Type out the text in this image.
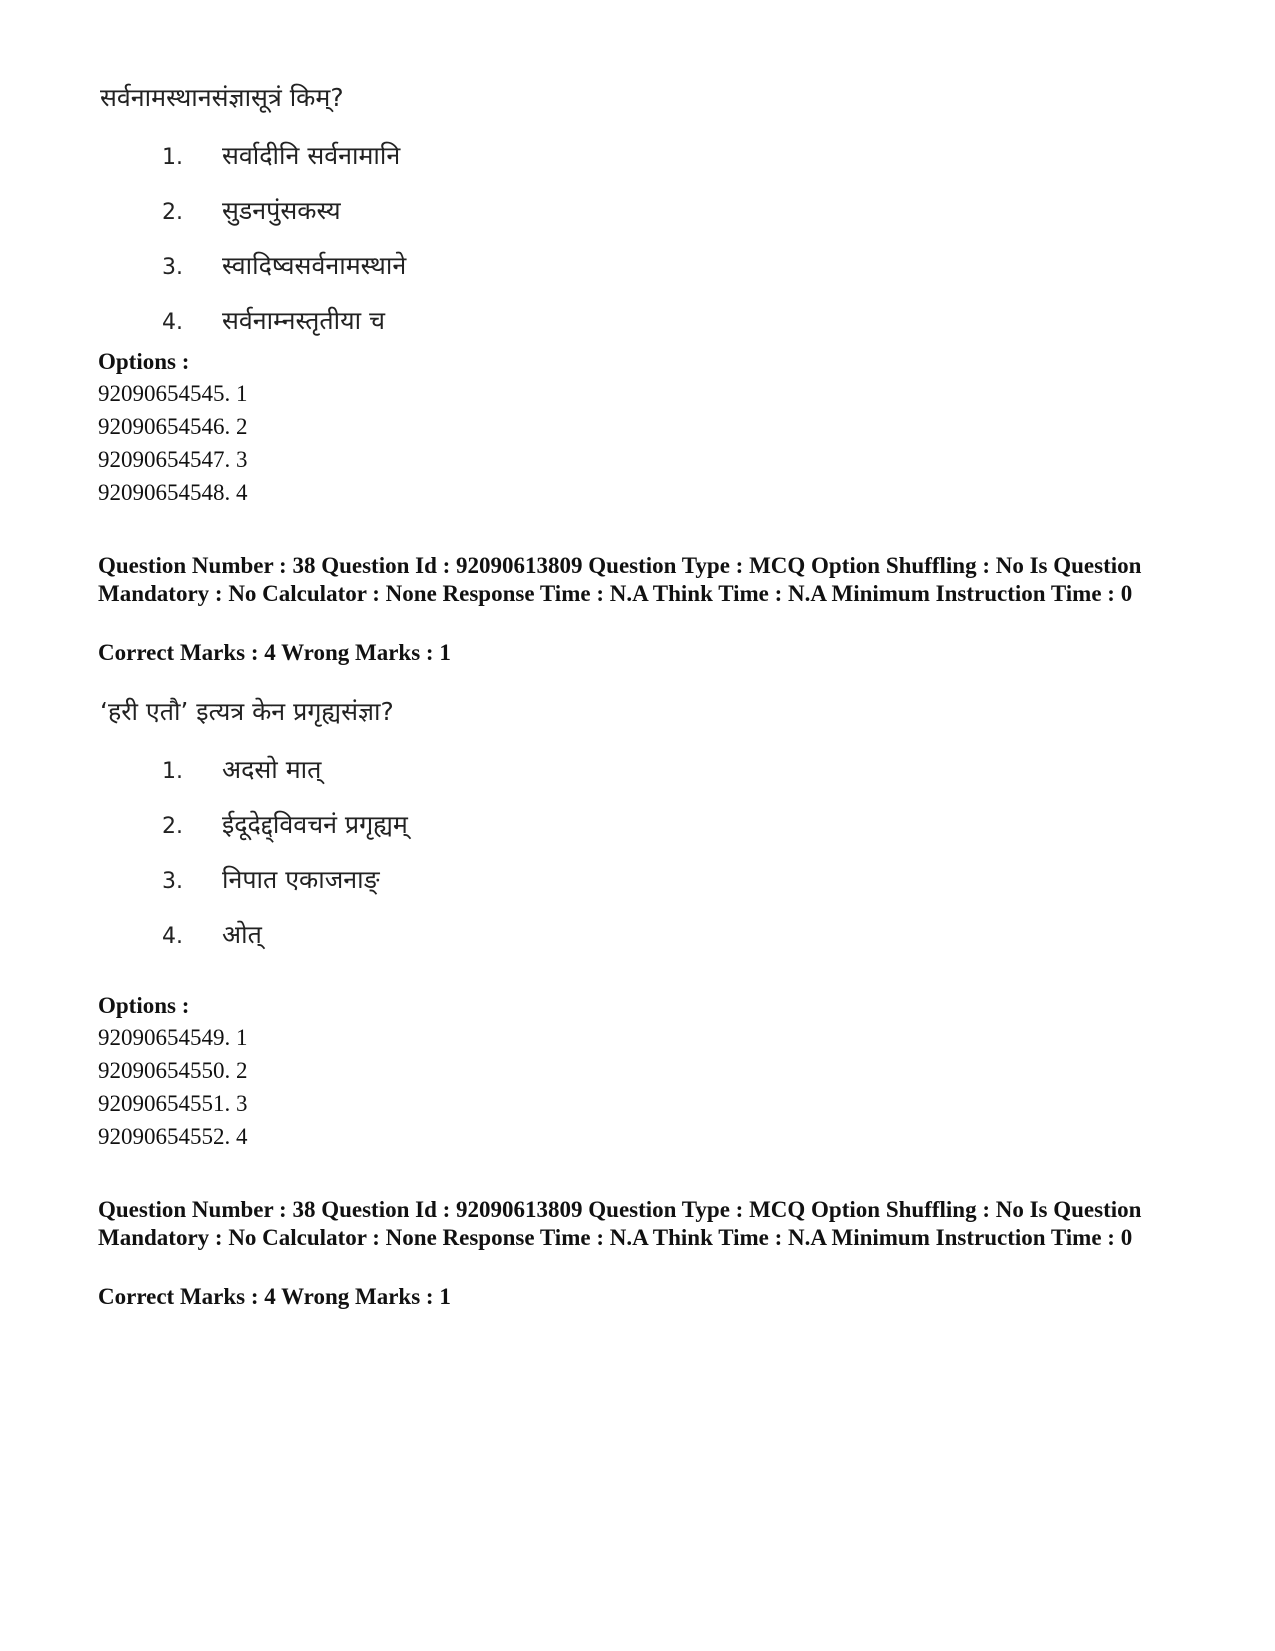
सर्वनामस्थानसंज्ञासूत्रं किम्?
1.	सर्वादीनि सर्वनामानि
2.	सुडनपुंसकस्य
3.	स्वादिष्वसर्वनामस्थाने
4.	सर्वनाम्नस्तृतीया च
Options :
92090654545. 1
92090654546. 2
92090654547. 3
92090654548. 4
Question Number : 38 Question Id : 92090613809 Question Type : MCQ Option Shuffling : No Is Question Mandatory : No Calculator : None Response Time : N.A Think Time : N.A Minimum Instruction Time : 0
Correct Marks : 4 Wrong Marks : 1
‘हरी एतौ’ इत्यत्र केन प्रगृह्यसंज्ञा?
1.	अदसो मात्
2.	ईदूदेद्द्विवचनं प्रगृह्यम्
3.	निपात एकाजनाङ्
4.	ओत्
Options :
92090654549. 1
92090654550. 2
92090654551. 3
92090654552. 4
Question Number : 38 Question Id : 92090613809 Question Type : MCQ Option Shuffling : No Is Question Mandatory : No Calculator : None Response Time : N.A Think Time : N.A Minimum Instruction Time : 0
Correct Marks : 4 Wrong Marks : 1
